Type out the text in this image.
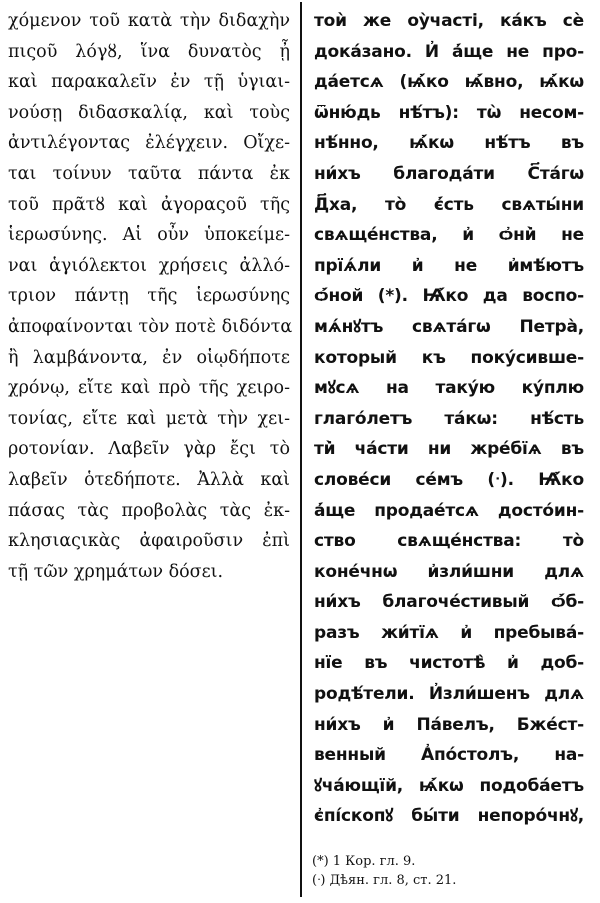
χόμενον τοῦ κατὰ τὴν διδαχὴν
πιςοῦ λόγȣ, ἵνα δυνατὸς ᾖ
καὶ παρακαλεῖν ἐν τῇ ὑγιαι-
νούσῃ διδασκαλίᾳ, καὶ τοὺς
ἀντιλέγοντας ἐλέγχειν. Οἴχε-
ται τοίνυν ταῦτα πάντα ἐκ
τοῦ πρᾶτȣ καὶ ἀγοραςοῦ τῆς
ἱερωσύνης. Αἱ οὖν ὑποκείμε-
ναι ἁγιόλεκτοι χρήσεις ἀλλό-
τριον πάντῃ τῆς ἱερωσύνης
ἀποφαίνονται τὸν ποτὲ διδόντα
ἢ λαμβάνοντα, ἐν οἱῳδήποτε
χρόνῳ, εἴτε καὶ πρὸ τῆς χειρο-
τονίας, εἴτε καὶ μετὰ τὴν χει-
ροτονίαν. Λαβεῖν γὰρ ἔςι τὸ
λαβεῖν ὁτεδήποτε. Ἀλλὰ καὶ
πάσας τὰς προβολὰς τὰς ἐκ-
κλησιαςικὰς ἀφαιροῦσιν ἐπὶ
τῇ τῶν χρημάτων δόσει.
тоѝ же оу̀часті, ка́къ сѐ
дока́зано. И҆ а҆́ще не про-
да́етсѧ (ѩ҆́ко ѩ҆́вно, ѩ҆́кѡ
ѿню́дь нѣ́тъ): тѡ̀ несом-
нѣ́нно, ѩ҆́кѡ нѣ́тъ въ
ни́хъ благода́ти С҃та́гѡ
Д҃ха, то̀ є҆́сть свѧты́ни
свѧще́нства, и҆ ѻ҆ни̇̀ не
прїѧ́ли и҆ не и҆мѣ́ютъ
ѻ҆́ной (*). Ѩ҆́ко да воспо-
мѧ́нꙋтъ свѧта́гѡ Петра̀,
который къ поку́сившe-
мꙋсѧ на таку́ю ку́плю
глаго́летъ та́кѡ: нѣ́сть
ти̇̀ ча́сти ни жре́бїѧ въ
слове́си се́мъ (ᐧ). Ѩ҆́ко
а҆́ще продае́тсѧ досто́ин-
ство свѧще́нства: то̀
коне́чнѡ и҆зли́шни длѧ
ни́хъ благоче́стивый ѻ҆́б-
разъ жи́тїѧ и҆ пребыва́-
нїе въ чистотѣ̀ и҆ доб-
родѣ́тели. И҆зли́шенъ длѧ
ни́хъ и҆ Па́велъ, Бже́ст-
венный А҆по́столъ, на-
ꙋча́ющїй, ѩ҆́кѡ подоба́етъ
є҆пі́скопꙋ бы́ти непоро́чнꙋ,
(*) 1 Кор. гл. 9.
(ᐧ) Дѣян. гл. 8, ст. 21.
